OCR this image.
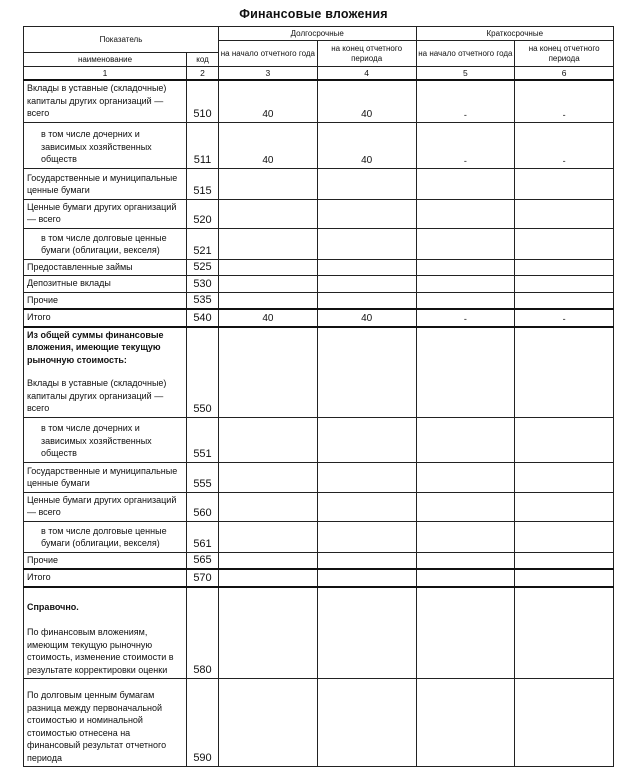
Финансовые вложения
Показатель		Долгосрочные		Краткосрочные	
		на начало отчетного года	на конец отчетного периода	на начало отчетного года	на конец отчетного периода
наименование	код				
1	2	3	4	5	6
Вклады в уставные (складочные) капиталы других организаций — всего	510	40	40	-	-
в том числе дочерних и зависимых хозяйственных обществ	511	40	40	-	-
Государственные и муниципальные ценные бумаги	515				
Ценные бумаги других организаций — всего	520				
в том числе долговые ценные бумаги (облигации, векселя)	521				
Предоставленные займы	525				
Депозитные вклады	530				
Прочие	535				
Итого	540	40	40	-	-

Из общей суммы финансовые вложения, имеющие текущую рыночную стоимость:
Вклады в уставные (складочные) капиталы других организаций — всего	550				
в том числе дочерних и зависимых хозяйственных обществ	551				
Государственные и муниципальные ценные бумаги	555				
Ценные бумаги других организаций — всего	560				
в том числе долговые ценные бумаги (облигации, векселя)	561				
Прочие	565				
Итого	570				

Справочно.
По финансовым вложениям, имеющим текущую рыночную стоимость, изменение стоимости в результате корректировки оценки	580				
По долговым ценным бумагам разница между первоначальной стоимостью и номинальной стоимостью отнесена на финансовый результат отчетного периода	590				
